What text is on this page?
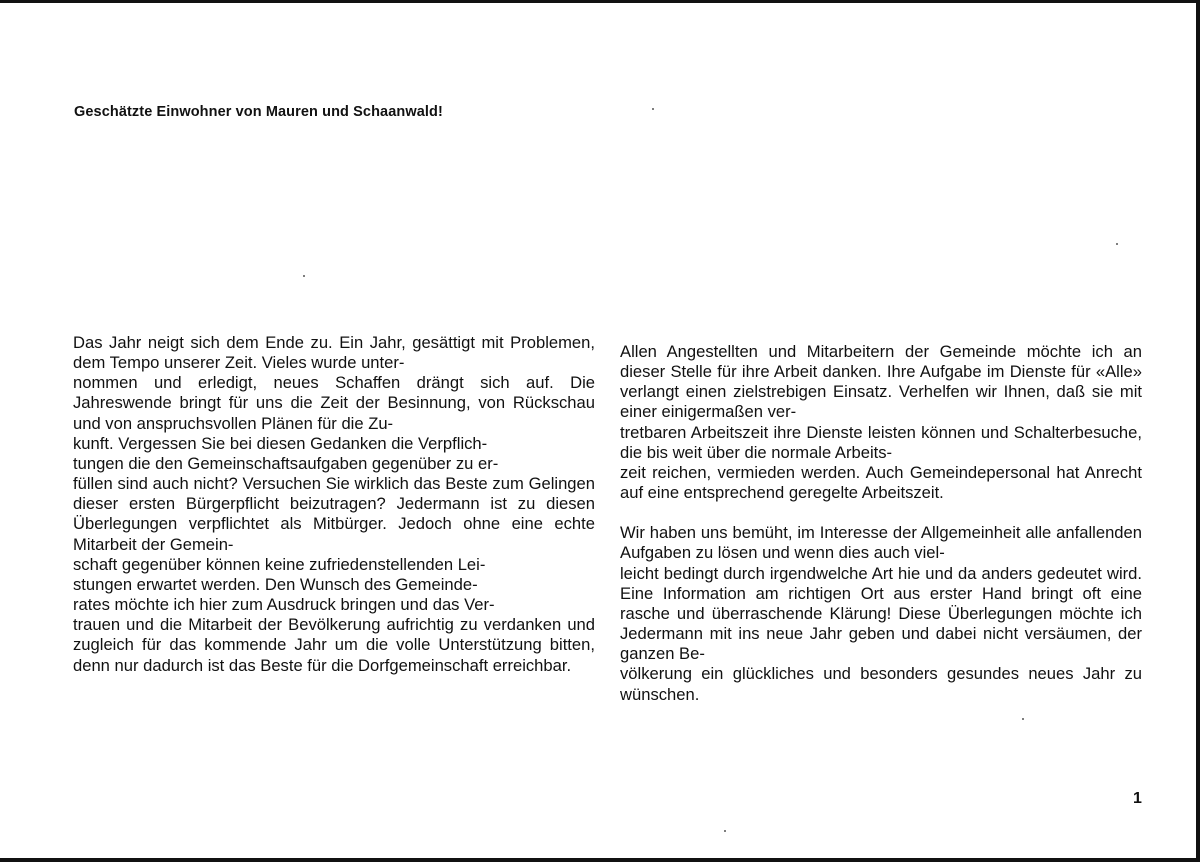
Geschätzte Einwohner von Mauren und Schaanwald!

Das Jahr neigt sich dem Ende zu. Ein Jahr, gesättigt mit Problemen, dem Tempo unserer Zeit. Vieles wurde unter-
nommen und erledigt, neues Schaffen drängt sich auf. Die Jahreswende bringt für uns die Zeit der Besinnung, von Rückschau und von anspruchsvollen Plänen für die Zu-
kunft. Vergessen Sie bei diesen Gedanken die Verpflich-
tungen die den Gemeinschaftsaufgaben gegenüber zu er-
füllen sind auch nicht? Versuchen Sie wirklich das Beste zum Gelingen dieser ersten Bürgerpflicht beizutragen? Jedermann ist zu diesen Überlegungen verpflichtet als Mitbürger. Jedoch ohne eine echte Mitarbeit der Gemein-
schaft gegenüber können keine zufriedenstellenden Lei-
stungen erwartet werden. Den Wunsch des Gemeinde-
rates möchte ich hier zum Ausdruck bringen und das Ver-
trauen und die Mitarbeit der Bevölkerung aufrichtig zu verdanken und zugleich für das kommende Jahr um die volle Unterstützung bitten, denn nur dadurch ist das Beste für die Dorfgemeinschaft erreichbar.

Allen Angestellten und Mitarbeitern der Gemeinde möchte ich an dieser Stelle für ihre Arbeit danken. Ihre Aufgabe im Dienste für «Alle» verlangt einen zielstrebigen Einsatz. Verhelfen wir Ihnen, daß sie mit einer einigermaßen ver-
tretbaren Arbeitszeit ihre Dienste leisten können und Schalterbesuche, die bis weit über die normale Arbeits-
zeit reichen, vermieden werden. Auch Gemeindepersonal hat Anrecht auf eine entsprechend geregelte Arbeitszeit.

Wir haben uns bemüht, im Interesse der Allgemeinheit alle anfallenden Aufgaben zu lösen und wenn dies auch viel-
leicht bedingt durch irgendwelche Art hie und da anders gedeutet wird. Eine Information am richtigen Ort aus erster Hand bringt oft eine rasche und überraschende Klärung! Diese Überlegungen möchte ich Jedermann mit ins neue Jahr geben und dabei nicht versäumen, der ganzen Be-
völkerung ein glückliches und besonders gesundes neues Jahr zu wünschen.

1
